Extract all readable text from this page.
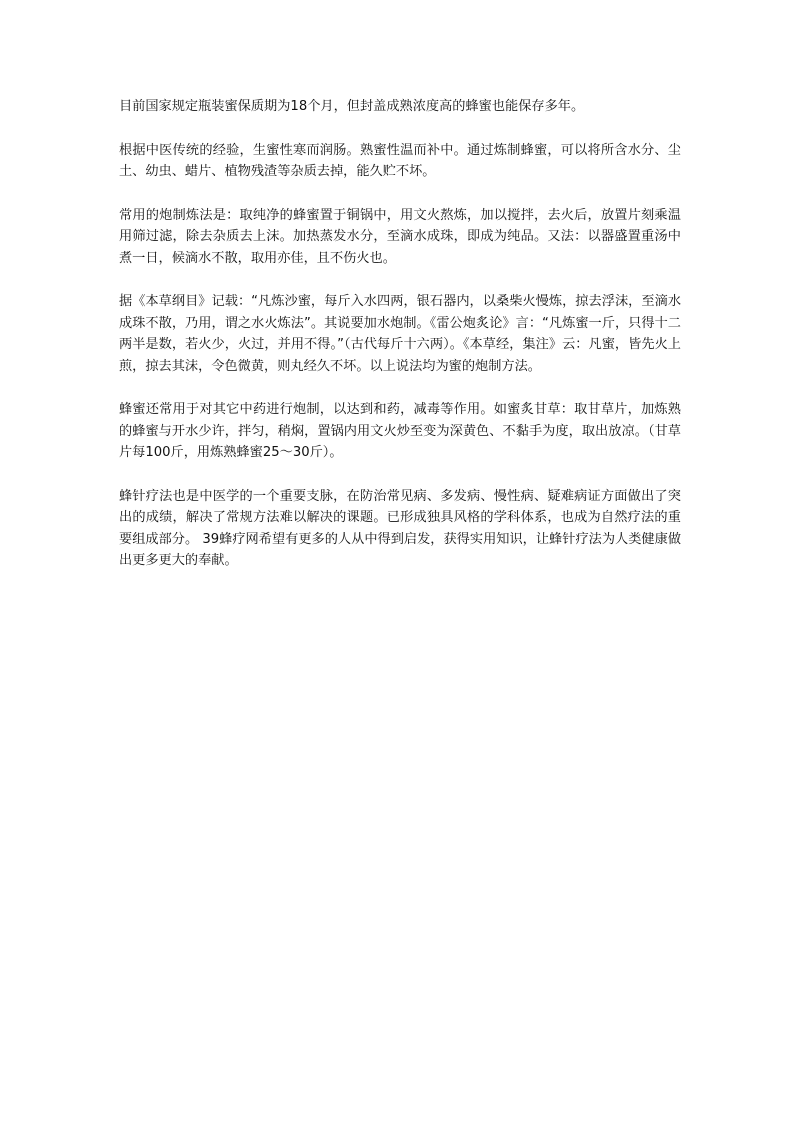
目前国家规定瓶装蜜保质期为18个月，但封盖成熟浓度高的蜂蜜也能保存多年。

根据中医传统的经验，生蜜性寒而润肠。熟蜜性温而补中。通过炼制蜂蜜，可以将所含水分、尘土、幼虫、蜡片、植物残渣等杂质去掉，能久贮不坏。

常用的炮制炼法是：取纯净的蜂蜜置于铜锅中，用文火熬炼，加以搅拌，去火后，放置片刻乘温用筛过滤，除去杂质去上沫。加热蒸发水分，至滴水成珠，即成为纯品。又法：以器盛置重汤中煮一日，候滴水不散，取用亦佳，且不伤火也。

据《本草纲目》记载：“凡炼沙蜜，每斤入水四两，银石器内，以桑柴火慢炼，掠去浮沫，至滴水成珠不散，乃用，谓之水火炼法”。其说要加水炮制。《雷公炮炙论》言：“凡炼蜜一斤，只得十二两半是数，若火少，火过，并用不得。”（古代每斤十六两）。《本草经，集注》云：凡蜜，皆先火上煎，掠去其沫，令色微黄，则丸经久不坏。以上说法均为蜜的炮制方法。

蜂蜜还常用于对其它中药进行炮制，以达到和药，减毒等作用。如蜜炙甘草：取甘草片，加炼熟的蜂蜜与开水少许，拌匀，稍焖，置锅内用文火炒至变为深黄色、不黏手为度，取出放凉。（甘草片每100斤，用炼熟蜂蜜25～30斤）。

蜂针疗法也是中医学的一个重要支脉，在防治常见病、多发病、慢性病、疑难病证方面做出了突出的成绩，解决了常规方法难以解决的课题。已形成独具风格的学科体系，也成为自然疗法的重要组成部分。 39蜂疗网希望有更多的人从中得到启发，获得实用知识，让蜂针疗法为人类健康做出更多更大的奉献。
